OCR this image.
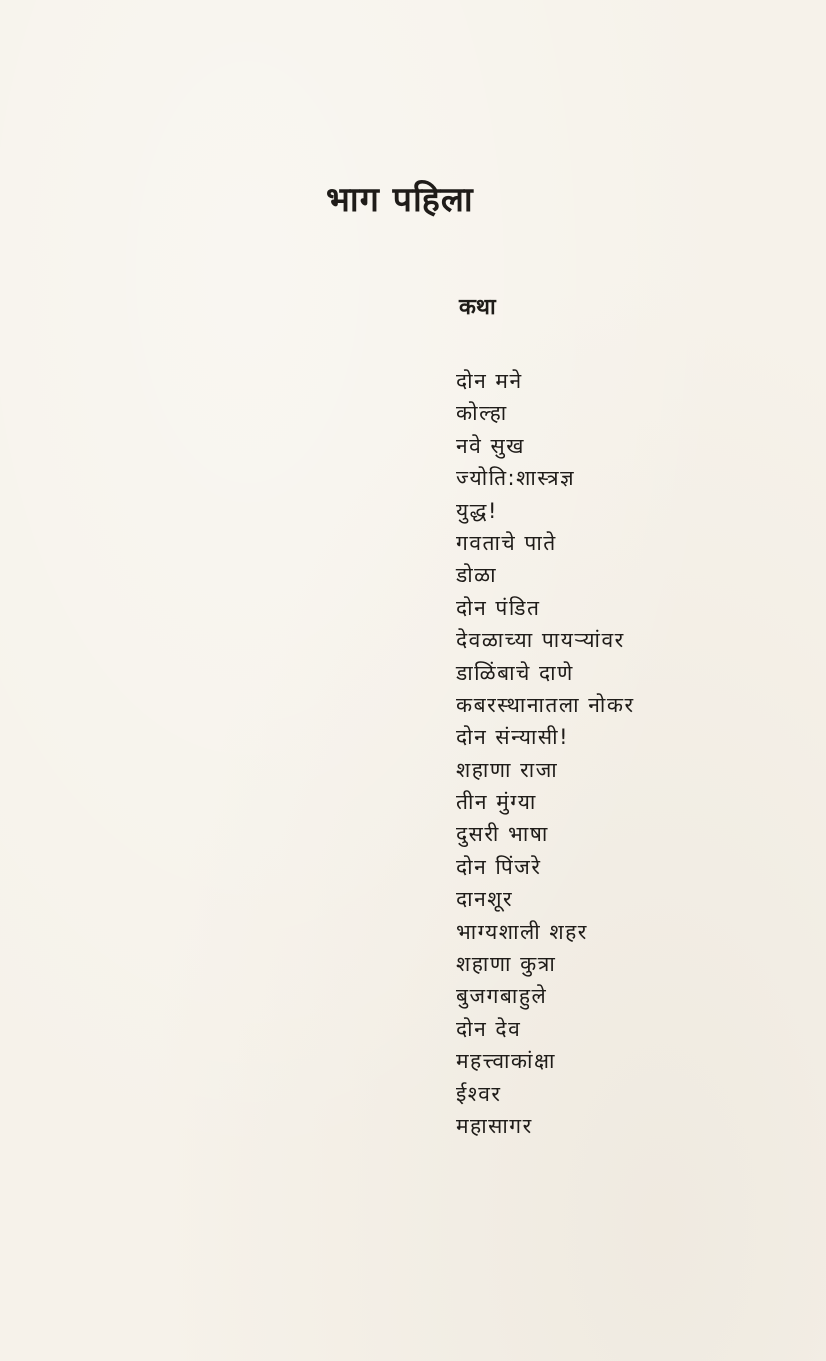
भाग पहिला
कथा
दोन मने
कोल्हा
नवे सुख
ज्योति:शास्त्रज्ञ
युद्ध!
गवताचे पाते
डोळा
दोन पंडित
देवळाच्या पायऱ्यांवर
डाळिंबाचे दाणे
कबरस्थानातला नोकर
दोन संन्यासी!
शहाणा राजा
तीन मुंग्या
दुसरी भाषा
दोन पिंजरे
दानशूर
भाग्यशाली शहर
शहाणा कुत्रा
बुजगबाहुले
दोन देव
महत्त्वाकांक्षा
ईश्वर
महासागर
